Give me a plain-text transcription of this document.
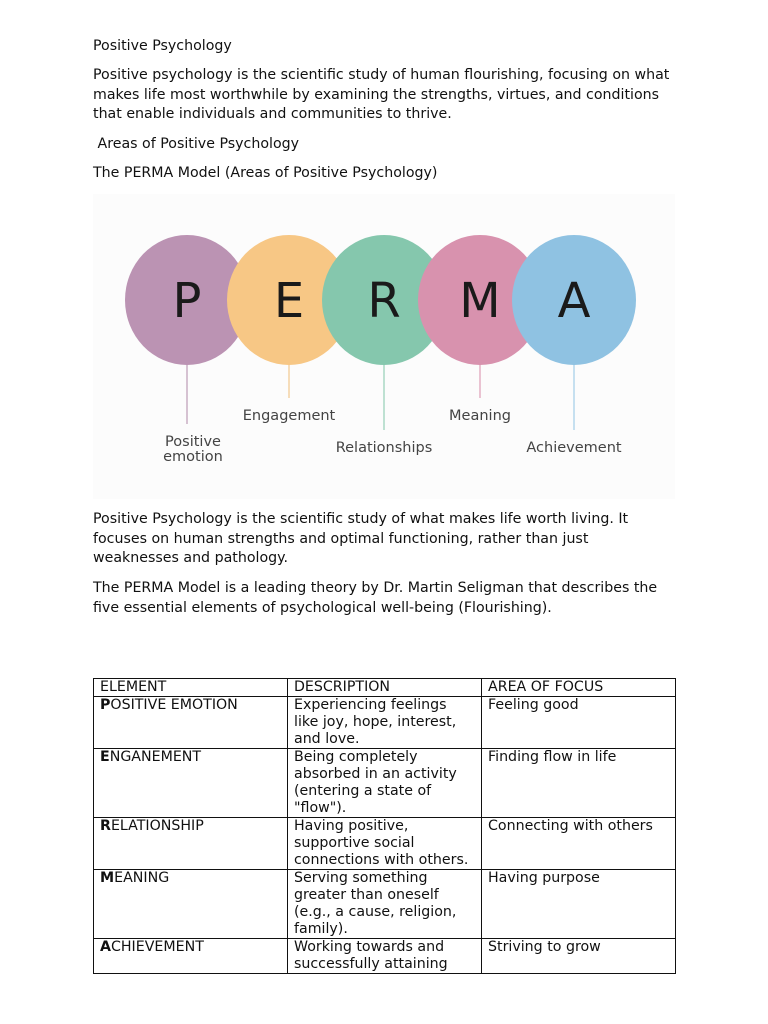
Positive Psychology

Positive psychology is the scientific study of human flourishing, focusing on what makes life most worthwhile by examining the strengths, virtues, and conditions that enable individuals and communities to thrive.

Areas of Positive Psychology

The PERMA Model (Areas of Positive Psychology)

P E R M A
Positive
emotion
Engagement
Relationships
Meaning
Achievement

Positive Psychology is the scientific study of what makes life worth living. It focuses on human strengths and optimal functioning, rather than just weaknesses and pathology.

The PERMA Model is a leading theory by Dr. Martin Seligman that describes the five essential elements of psychological well-being (Flourishing).

ELEMENT	DESCRIPTION	AREA OF FOCUS
POSITIVE EMOTION	Experiencing feelings like joy, hope, interest, and love.	Feeling good
ENGANEMENT	Being completely absorbed in an activity (entering a state of "flow").	Finding flow in life
RELATIONSHIP	Having positive, supportive social connections with others.	Connecting with others
MEANING	Serving something greater than oneself (e.g., a cause, religion, family).	Having purpose
ACHIEVEMENT	Working towards and successfully attaining	Striving to grow
